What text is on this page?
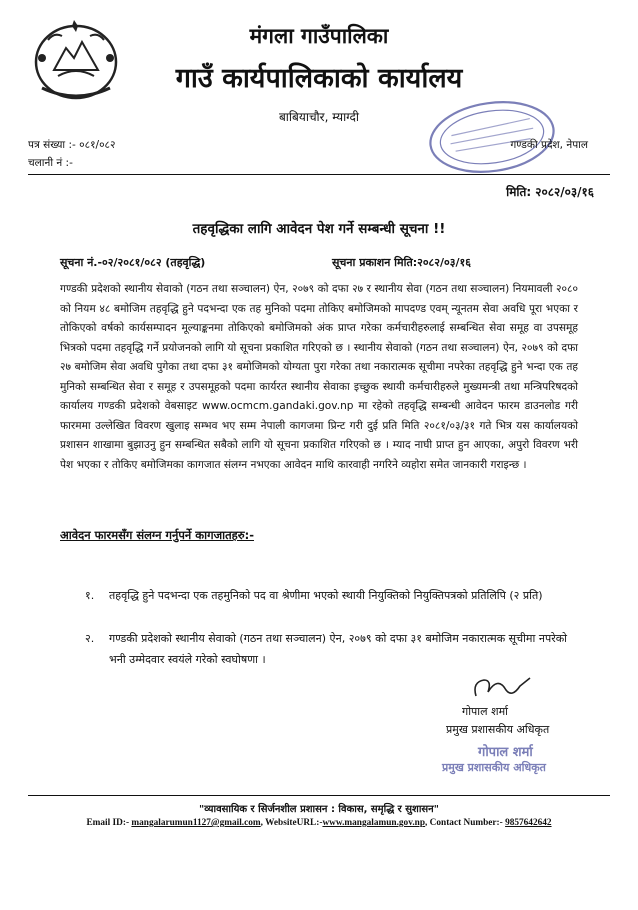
मंगला गाउँपालिका
गाउँ कार्यपालिकाको कार्यालय
बाबियाचौर, म्याग्दी
पत्र संख्या :- ०८१/०८२
चलानी नं :-
गण्डकी प्रदेश, नेपाल
मिति: २०८२/०३/१६
तहवृद्धिका लागि आवेदन पेश गर्ने सम्बन्धी सूचना !!
सूचना नं.-०२/२०८१/०८२ (तहवृद्धि)	सूचना प्रकाशन मिति:२०८२/०३/१६
गण्डकी प्रदेशको स्थानीय सेवाको (गठन तथा सञ्चालन) ऐन, २०७९ को दफा २७ र स्थानीय सेवा (गठन तथा सञ्चालन) नियमावली २०८० को नियम ४८ बमोजिम तहवृद्धि हुने पदभन्दा एक तह मुनिको पदमा तोकिए बमोजिमको मापदण्ड एवम् न्यूनतम सेवा अवधि पूरा भएका र तोकिएको वर्षको कार्यसम्पादन मूल्याङ्कनमा तोकिएको बमोजिमको अंक प्राप्त गरेका कर्मचारीहरुलाई सम्बन्धित सेवा समूह वा उपसमूह भित्रको पदमा तहवृद्धि गर्ने प्रयोजनको लागि यो सूचना प्रकाशित गरिएको छ । स्थानीय सेवाको (गठन तथा सञ्चालन) ऐन, २०७९ को दफा २७ बमोजिम सेवा अवधि पुगेका तथा दफा ३१ बमोजिमको योग्यता पुरा गरेका तथा नकारात्मक सूचीमा नपरेका तहवृद्धि हुने भन्दा एक तह मुनिको सम्बन्धित सेवा र समूह र उपसमूहको पदमा कार्यरत स्थानीय सेवाका इच्छुक स्थायी कर्मचारीहरुले मुख्यमन्त्री तथा मन्त्रिपरिषदको कार्यालय गण्डकी प्रदेशको वेबसाइट www.ocmcm.gandaki.gov.np मा रहेको तहवृद्धि सम्बन्धी आवेदन फारम डाउनलोड गरी फारममा उल्लेखित विवरण खुलाइ सम्भव भए सम्म नेपाली कागजमा प्रिन्ट गरी दुई प्रति मिति २०८१/०३/३१ गते भित्र यस कार्यालयको प्रशासन शाखामा बुझाउनु हुन सम्बन्धित सबैको लागि यो सूचना प्रकाशित गरिएको छ । म्याद नाघी प्राप्त हुन आएका, अपुरो विवरण भरी पेश भएका र तोकिए बमोजिमका कागजात संलग्न नभएका आवेदन माथि कारवाही नगरिने व्यहोरा समेत जानकारी गराइन्छ ।
आवेदन फारमसँग संलग्न गर्नुपर्ने कागजातहरु:-
१. तहवृद्धि हुने पदभन्दा एक तहमुनिको पद वा श्रेणीमा भएको स्थायी नियुक्तिको नियुक्तिपत्रको प्रतिलिपि (२ प्रति)
२. गण्डकी प्रदेशको स्थानीय सेवाको (गठन तथा सञ्चालन) ऐन, २०७९ को दफा ३१ बमोजिम नकारात्मक सूचीमा नपरेको भनी उम्मेदवार स्वयंले गरेको स्वघोषणा ।
गोपाल शर्मा
प्रमुख प्रशासकीय अधिकृत
गोपाल शर्मा
प्रमुख प्रशासकीय अधिकृत
"व्यावसायिक र सिर्जनशील प्रशासन : विकास, समृद्धि र सुशासन"
Email ID:- mangalarumun1127@gmail.com, WebsiteURL:-www.mangalamun.gov.np, Contact Number:- 9857642642
